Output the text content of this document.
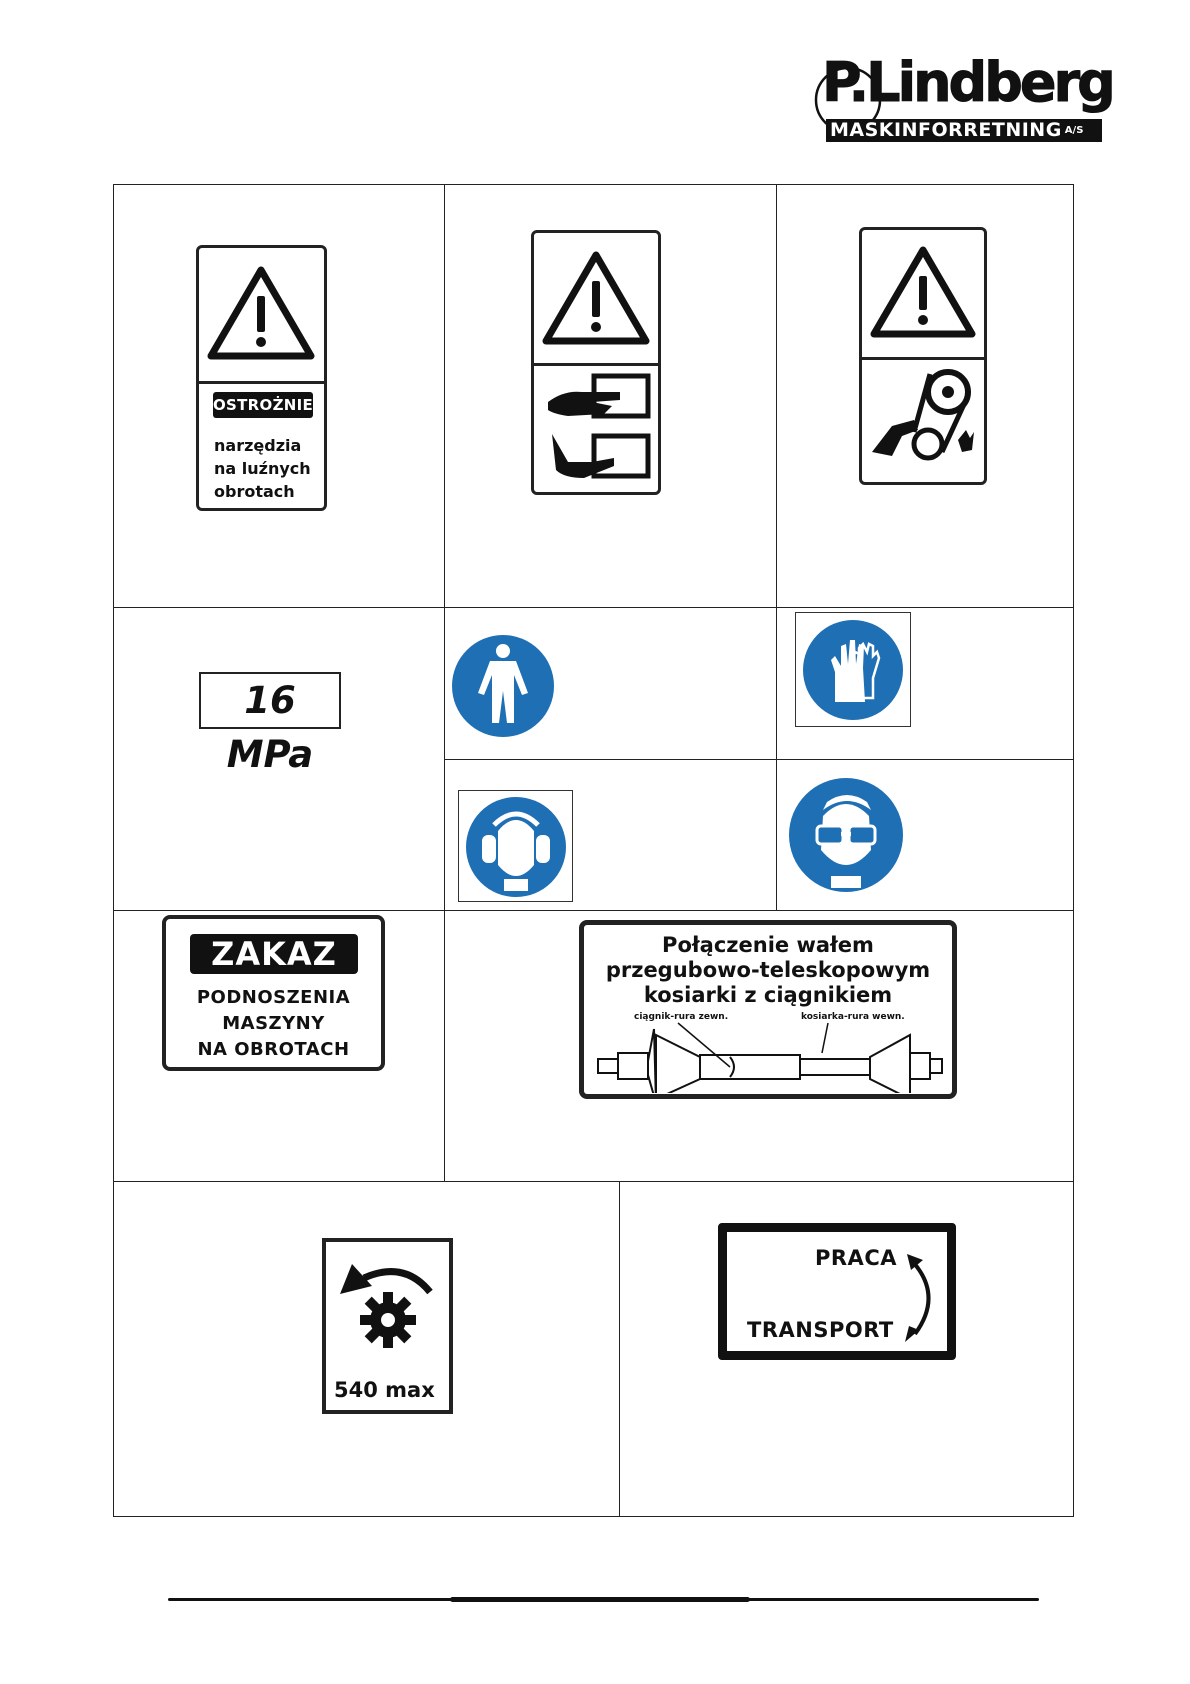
P.Lindberg
MASKINFORRETNING A/S
OSTROŻNIE
narzędzia
na luźnych
obrotach
16 MPa
ZAKAZ
PODNOSZENIA
MASZYNY
NA OBROTACH
Połączenie wałem
przegubowo-teleskopowym
kosiarki z ciągnikiem
ciągnik-rura zewn.	kosiarka-rura wewn.
540 max
PRACA
TRANSPORT
